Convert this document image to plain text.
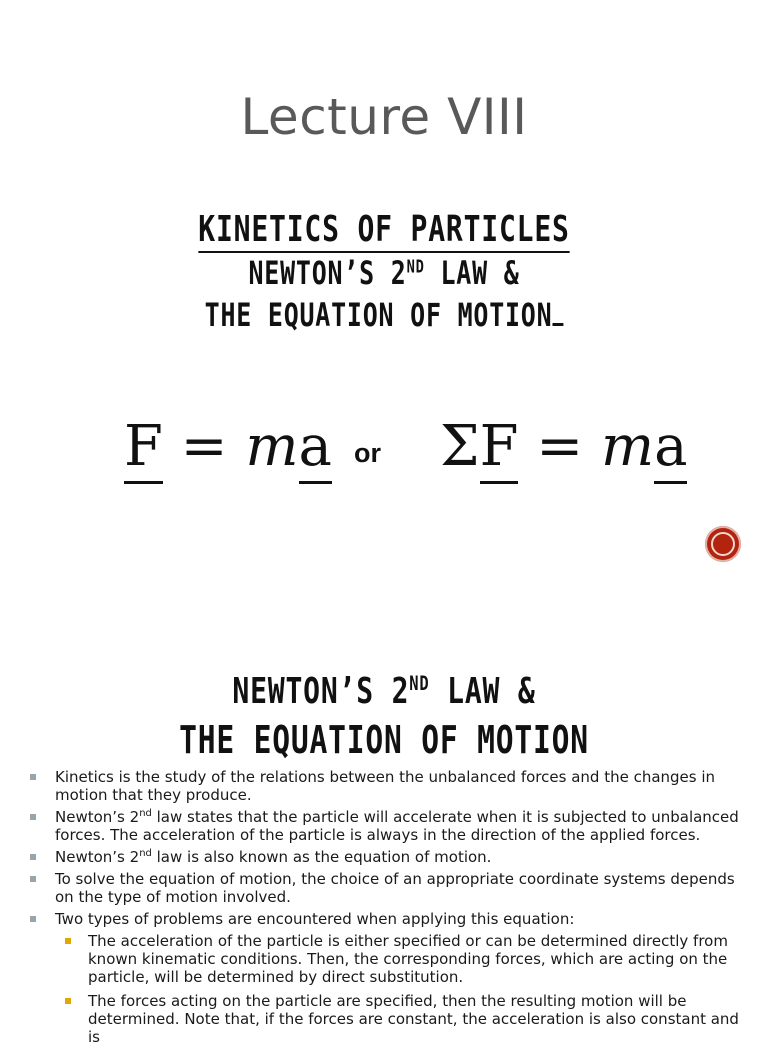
Lecture VIII
KINETICS OF PARTICLES
NEWTON’S 2ND LAW &
THE EQUATION OF MOTION
F = ma ΣF = ma
or
NEWTON’S 2ND LAW &
THE EQUATION OF MOTION
Kinetics is the study of the relations between the unbalanced forces and the changes in motion that they produce.
Newton’s 2nd law states that the particle will accelerate when it is subjected to unbalanced forces. The acceleration of the particle is always in the direction of the applied forces.
Newton’s 2nd law is also known as the equation of motion.
To solve the equation of motion, the choice of an appropriate coordinate systems depends on the type of motion involved.
Two types of problems are encountered when applying this equation:
The acceleration of the particle is either specified or can be determined directly from known kinematic conditions. Then, the corresponding forces, which are acting on the particle, will be determined by direct substitution.
The forces acting on the particle are specified, then the resulting motion will be determined. Note that, if the forces are constant, the acceleration is also constant and is
